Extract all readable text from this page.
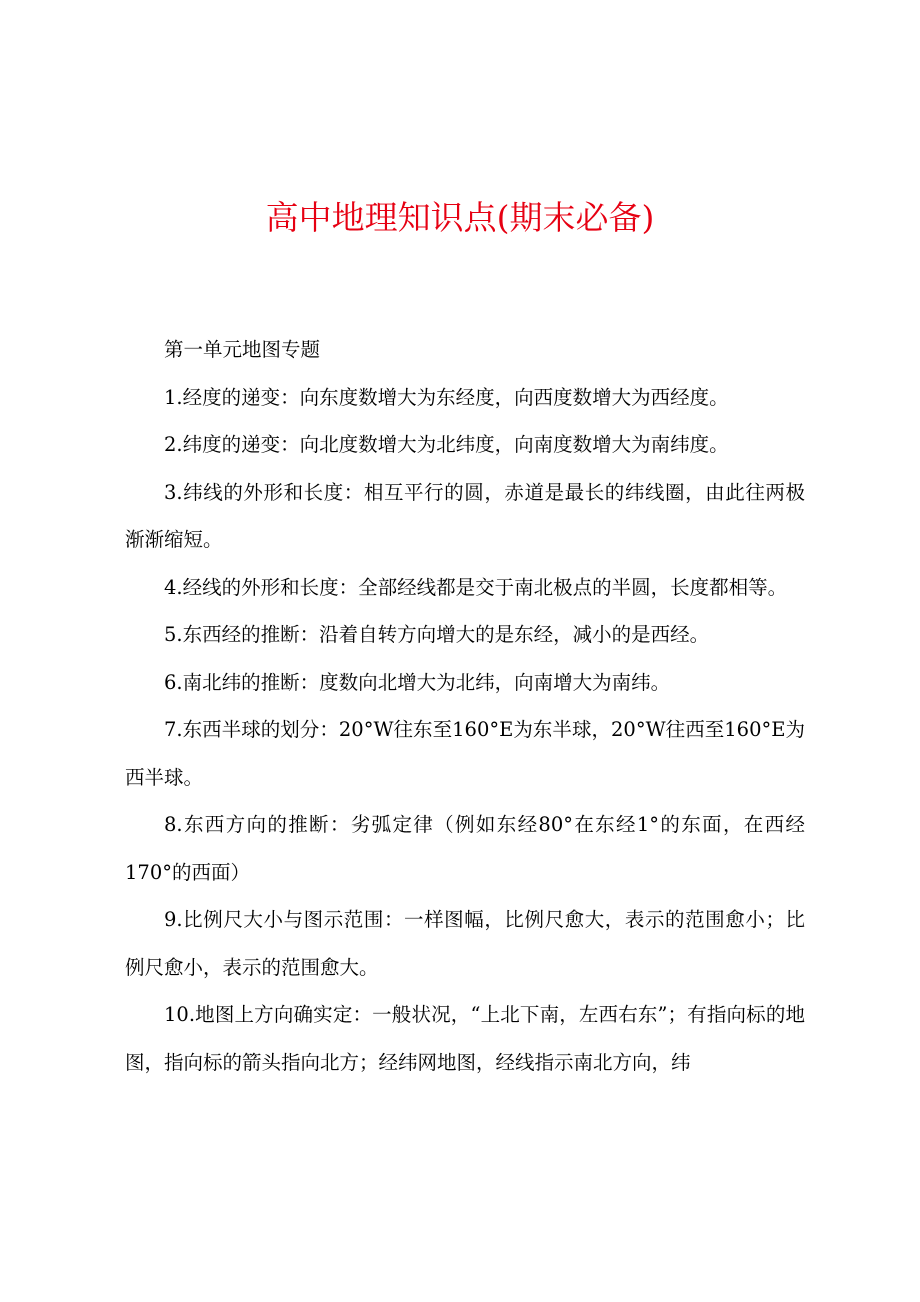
高中地理知识点(期末必备)

第一单元地图专题

1.经度的递变：向东度数增大为东经度，向西度数增大为西经度。

2.纬度的递变：向北度数增大为北纬度，向南度数增大为南纬度。

3.纬线的外形和长度：相互平行的圆，赤道是最长的纬线圈，由此往两极渐渐缩短。

4.经线的外形和长度：全部经线都是交于南北极点的半圆，长度都相等。

5.东西经的推断：沿着自转方向增大的是东经，减小的是西经。

6.南北纬的推断：度数向北增大为北纬，向南增大为南纬。

7.东西半球的划分：20°W往东至160°E为东半球，20°W往西至160°E为西半球。

8.东西方向的推断：劣弧定律（例如东经80°在东经1°的东面，在西经170°的西面）

9.比例尺大小与图示范围：一样图幅，比例尺愈大，表示的范围愈小；比例尺愈小，表示的范围愈大。

10.地图上方向确实定：一般状况，“上北下南，左西右东”；有指向标的地图，指向标的箭头指向北方；经纬网地图，经线指示南北方向，纬
